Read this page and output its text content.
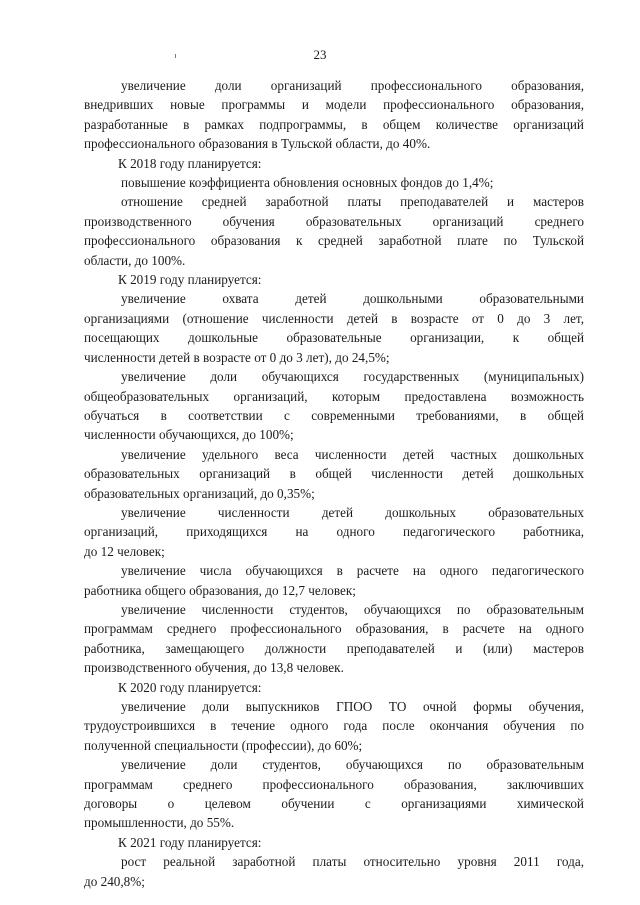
23
увеличение доли организаций профессионального образования,
внедривших новые программы и модели профессионального образования,
разработанные в рамках подпрограммы, в общем количестве организаций
профессионального образования в Тульской области, до 40%.
К 2018 году планируется:
повышение коэффициента обновления основных фондов до 1,4%;
отношение средней заработной платы преподавателей и мастеров
производственного обучения образовательных организаций среднего
профессионального образования к средней заработной плате по Тульской
области, до 100%.
К 2019 году планируется:
увеличение охвата детей дошкольными образовательными
организациями (отношение численности детей в возрасте от 0 до 3 лет,
посещающих дошкольные образовательные организации, к общей
численности детей в возрасте от 0 до 3 лет), до 24,5%;
увеличение доли обучающихся государственных (муниципальных)
общеобразовательных организаций, которым предоставлена возможность
обучаться в соответствии с современными требованиями, в общей
численности обучающихся, до 100%;
увеличение удельного веса численности детей частных дошкольных
образовательных организаций в общей численности детей дошкольных
образовательных организаций, до 0,35%;
увеличение численности детей дошкольных образовательных
организаций, приходящихся на одного педагогического работника,
до 12 человек;
увеличение числа обучающихся в расчете на одного педагогического
работника общего образования, до 12,7 человек;
увеличение численности студентов, обучающихся по образовательным
программам среднего профессионального образования, в расчете на одного
работника, замещающего должности преподавателей и (или) мастеров
производственного обучения, до 13,8 человек.
К 2020 году планируется:
увеличение доли выпускников ГПОО ТО очной формы обучения,
трудоустроившихся в течение одного года после окончания обучения по
полученной специальности (профессии), до 60%;
увеличение доли студентов, обучающихся по образовательным
программам среднего профессионального образования, заключивших
договоры о целевом обучении с организациями химической
промышленности, до 55%.
К 2021 году планируется:
рост реальной заработной платы относительно уровня 2011 года,
до 240,8%;
